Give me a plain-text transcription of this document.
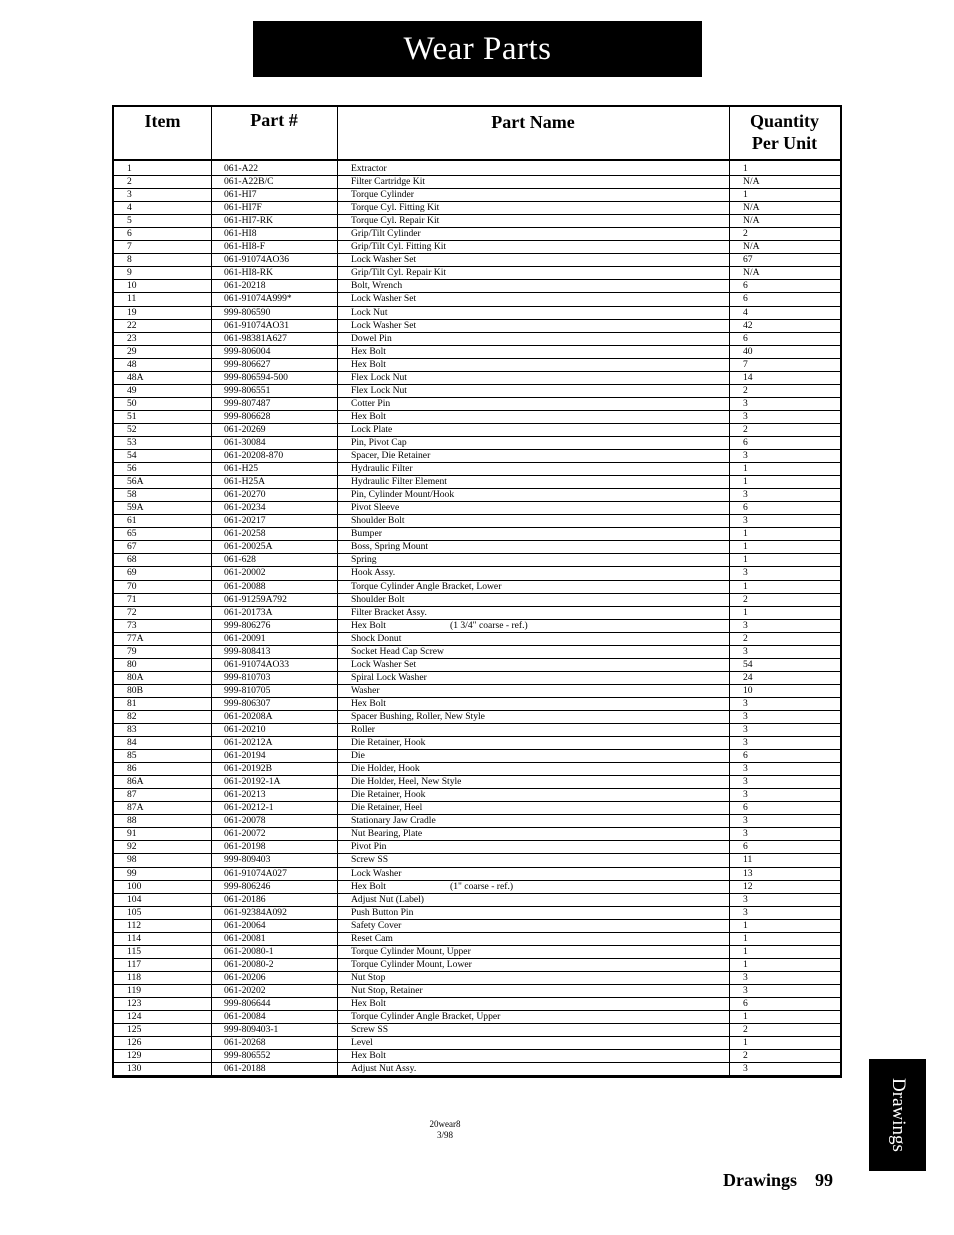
Wear Parts
Item	Part #	Part Name	Quantity
Per Unit
1	061-A22	Extractor	1
2	061-A22B/C	Filter Cartridge Kit	N/A
3	061-HI7	Torque Cylinder	1
4	061-HI7F	Torque Cyl. Fitting Kit	N/A
5	061-HI7-RK	Torque Cyl. Repair Kit	N/A
6	061-HI8	Grip/Tilt Cylinder	2
7	061-HI8-F	Grip/Tilt Cyl. Fitting Kit	N/A
8	061-91074AO36	Lock Washer Set	67
9	061-HI8-RK	Grip/Tilt Cyl. Repair Kit	N/A
10	061-20218	Bolt, Wrench	6
11	061-91074A999*	Lock Washer Set	6
19	999-806590	Lock Nut	4
22	061-91074AO31	Lock Washer Set	42
23	061-98381A627	Dowel Pin	6
29	999-806004	Hex Bolt	40
48	999-806627	Hex Bolt	7
48A	999-806594-500	Flex Lock Nut	14
49	999-806551	Flex Lock Nut	2
50	999-807487	Cotter Pin	3
51	999-806628	Hex Bolt	3
52	061-20269	Lock Plate	2
53	061-30084	Pin, Pivot Cap	6
54	061-20208-870	Spacer, Die Retainer	3
56	061-H25	Hydraulic Filter	1
56A	061-H25A	Hydraulic Filter Element	1
58	061-20270	Pin, Cylinder Mount/Hook	3
59A	061-20234	Pivot Sleeve	6
61	061-20217	Shoulder Bolt	3
65	061-20258	Bumper	1
67	061-20025A	Boss, Spring Mount	1
68	061-628	Spring	1
69	061-20002	Hook Assy.	3
70	061-20088	Torque Cylinder Angle Bracket, Lower	1
71	061-91259A792	Shoulder Bolt	2
72	061-20173A	Filter Bracket Assy.	1
73	999-806276	Hex Bolt	3
(1 3/4" coarse - ref.)
77A	061-20091	Shock Donut	2
79	999-808413	Socket Head Cap Screw	3
80	061-91074AO33	Lock Washer Set	54
80A	999-810703	Spiral Lock Washer	24
80B	999-810705	Washer	10
81	999-806307	Hex Bolt	3
82	061-20208A	Spacer Bushing, Roller, New Style	3
83	061-20210	Roller	3
84	061-20212A	Die Retainer, Hook	3
85	061-20194	Die	6
86	061-20192B	Die Holder, Hook	3
86A	061-20192-1A	Die Holder, Heel, New Style	3
87	061-20213	Die Retainer, Hook	3
87A	061-20212-1	Die Retainer, Heel	6
88	061-20078	Stationary Jaw Cradle	3
91	061-20072	Nut Bearing, Plate	3
92	061-20198	Pivot Pin	6
98	999-809403	Screw SS	11
99	061-91074A027	Lock Washer	13
100	999-806246	Hex Bolt	12
(1" coarse - ref.)
104	061-20186	Adjust Nut (Label)	3
105	061-92384A092	Push Button Pin	3
112	061-20064	Safety Cover	1
114	061-20081	Reset Cam	1
115	061-20080-1	Torque Cylinder Mount, Upper	1
117	061-20080-2	Torque Cylinder Mount, Lower	1
118	061-20206	Nut Stop	3
119	061-20202	Nut Stop, Retainer	3
123	999-806644	Hex Bolt	6
124	061-20084	Torque Cylinder Angle Bracket, Upper	1
125	999-809403-1	Screw SS	2
126	061-20268	Level	1
129	999-806552	Hex Bolt	2
130	061-20188	Adjust Nut Assy.	3
20wear8
3/98	Drawings
Drawings 99
